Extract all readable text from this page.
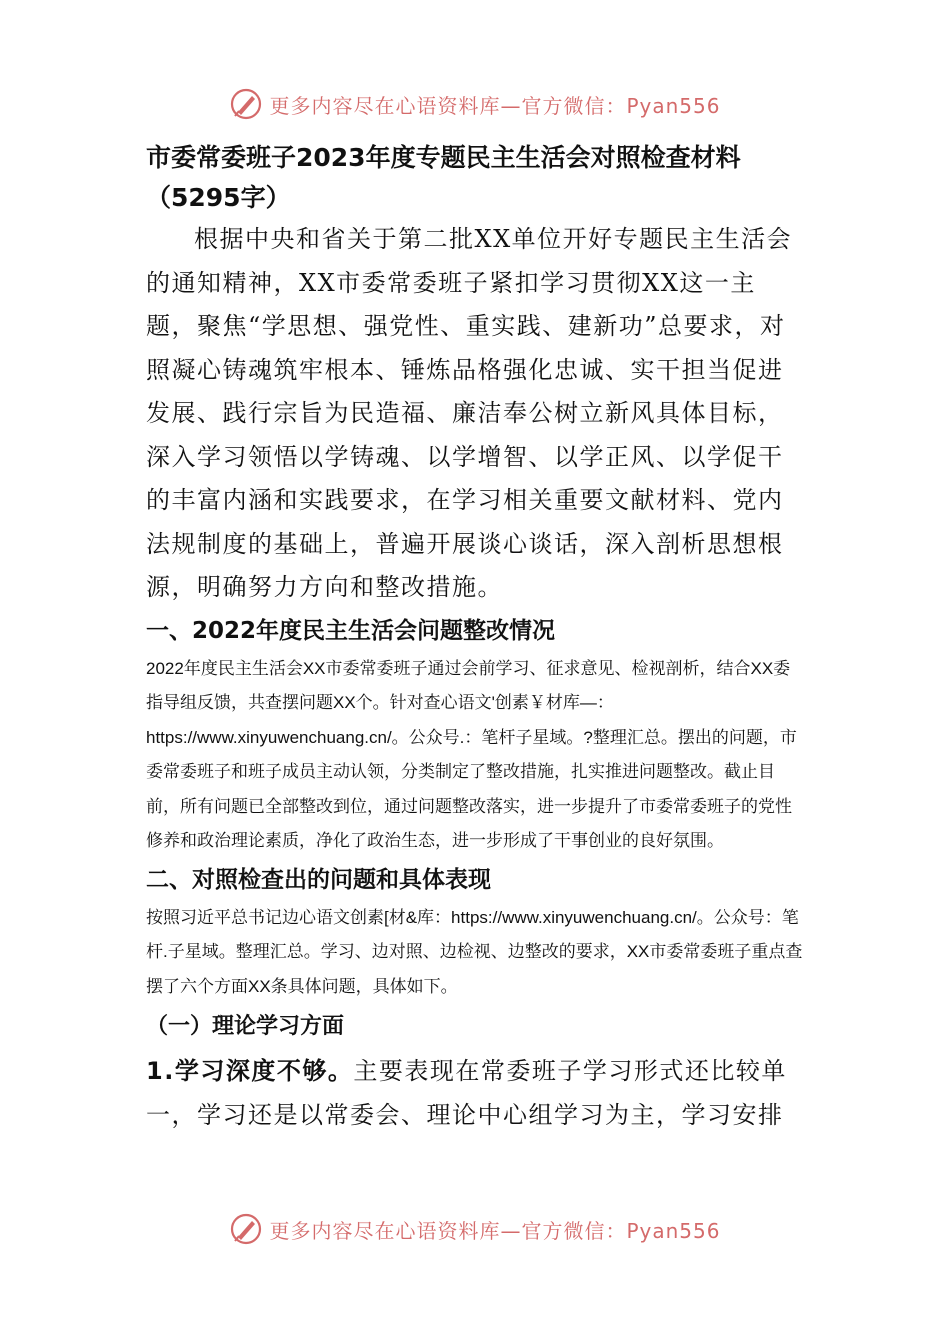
更多内容尽在心语资料库—官方微信：Pyan556

市委常委班子2023年度专题民主生活会对照检查材料

（5295字）

根据中央和省关于第二批XX单位开好专题民主生活会的通知精神，XX市委常委班子紧扣学习贯彻XX这一主题，聚焦“学思想、强党性、重实践、建新功”总要求，对照凝心铸魂筑牢根本、锤炼品格强化忠诚、实干担当促进发展、践行宗旨为民造福、廉洁奉公树立新风具体目标，深入学习领悟以学铸魂、以学增智、以学正风、以学促干的丰富内涵和实践要求，在学习相关重要文献材料、党内法规制度的基础上，普遍开展谈心谈话，深入剖析思想根源，明确努力方向和整改措施。

一、2022年度民主生活会问题整改情况

2022年度民主生活会XX市委常委班子通过会前学习、征求意见、检视剖析，结合XX委指导组反馈，共查摆问题XX个。针对查心语文'创素￥材库—：https://www.xinyuwenchuang.cn/。公众号.：笔杆子星域。?整理汇总。摆出的问题，市委常委班子和班子成员主动认领，分类制定了整改措施，扎实推进问题整改。截止目前，所有问题已全部整改到位，通过问题整改落实，进一步提升了市委常委班子的党性修养和政治理论素质，净化了政治生态，进一步形成了干事创业的良好氛围。

二、对照检查出的问题和具体表现

按照习近平总书记边心语文创素[材&库：https://www.xinyuwenchuang.cn/。公众号：笔杆.子星域。整理汇总。学习、边对照、边检视、边整改的要求，XX市委常委班子重点查摆了六个方面XX条具体问题，具体如下。

（一）理论学习方面

1.学习深度不够。主要表现在常委班子学习形式还比较单一，学习还是以常委会、理论中心组学习为主，学习安排

更多内容尽在心语资料库—官方微信：Pyan556
